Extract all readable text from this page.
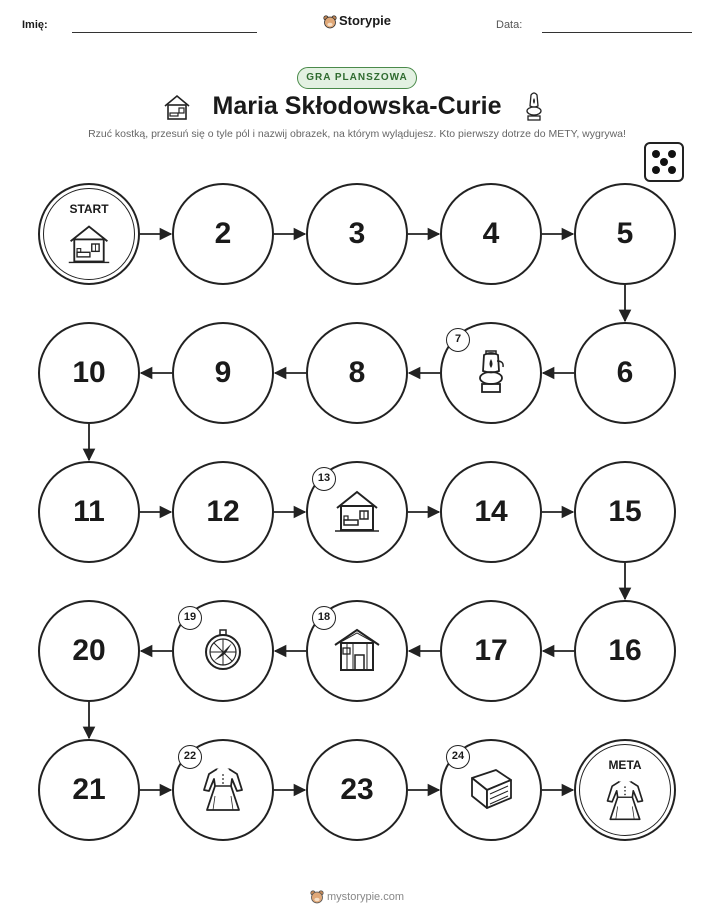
Imię:	Storypie	Data:
GRA PLANSZOWA
Maria Skłodowska-Curie
Rzuć kostką, przesuń się o tyle pól i nazwij obrazek, na którym wylądujesz. Kto pierwszy dotrze do METY, wygrywa!
START
2	3	4	5
6
7
8
9
10
11	12
13
14	15
16
17
18
19
20
21
22
23
24
META
mystorypie.com
